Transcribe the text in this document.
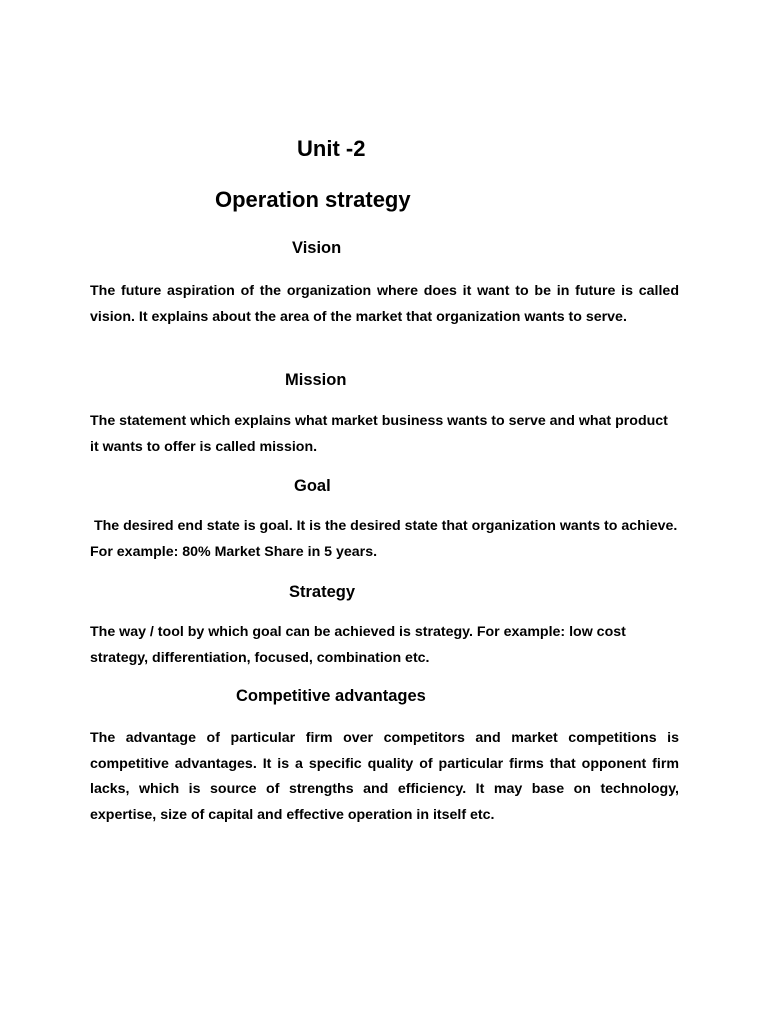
Unit -2
Operation strategy
Vision

The future aspiration of the organization where does it want to be in future is called vision. It explains about the area of the market that organization wants to serve.

Mission

The statement which explains what market business wants to serve and what product it wants to offer is called mission.

Goal

The desired end state is goal. It is the desired state that organization wants to achieve.  For example: 80% Market Share in 5 years.

Strategy

The way / tool by which goal can be achieved is strategy. For example: low cost strategy, differentiation, focused, combination etc.

Competitive advantages

The advantage of particular firm over competitors and market competitions is competitive advantages. It is a specific quality of particular firms that opponent firm lacks, which is source of strengths and efficiency. It may base on technology, expertise, size of capital and effective operation in itself etc.
